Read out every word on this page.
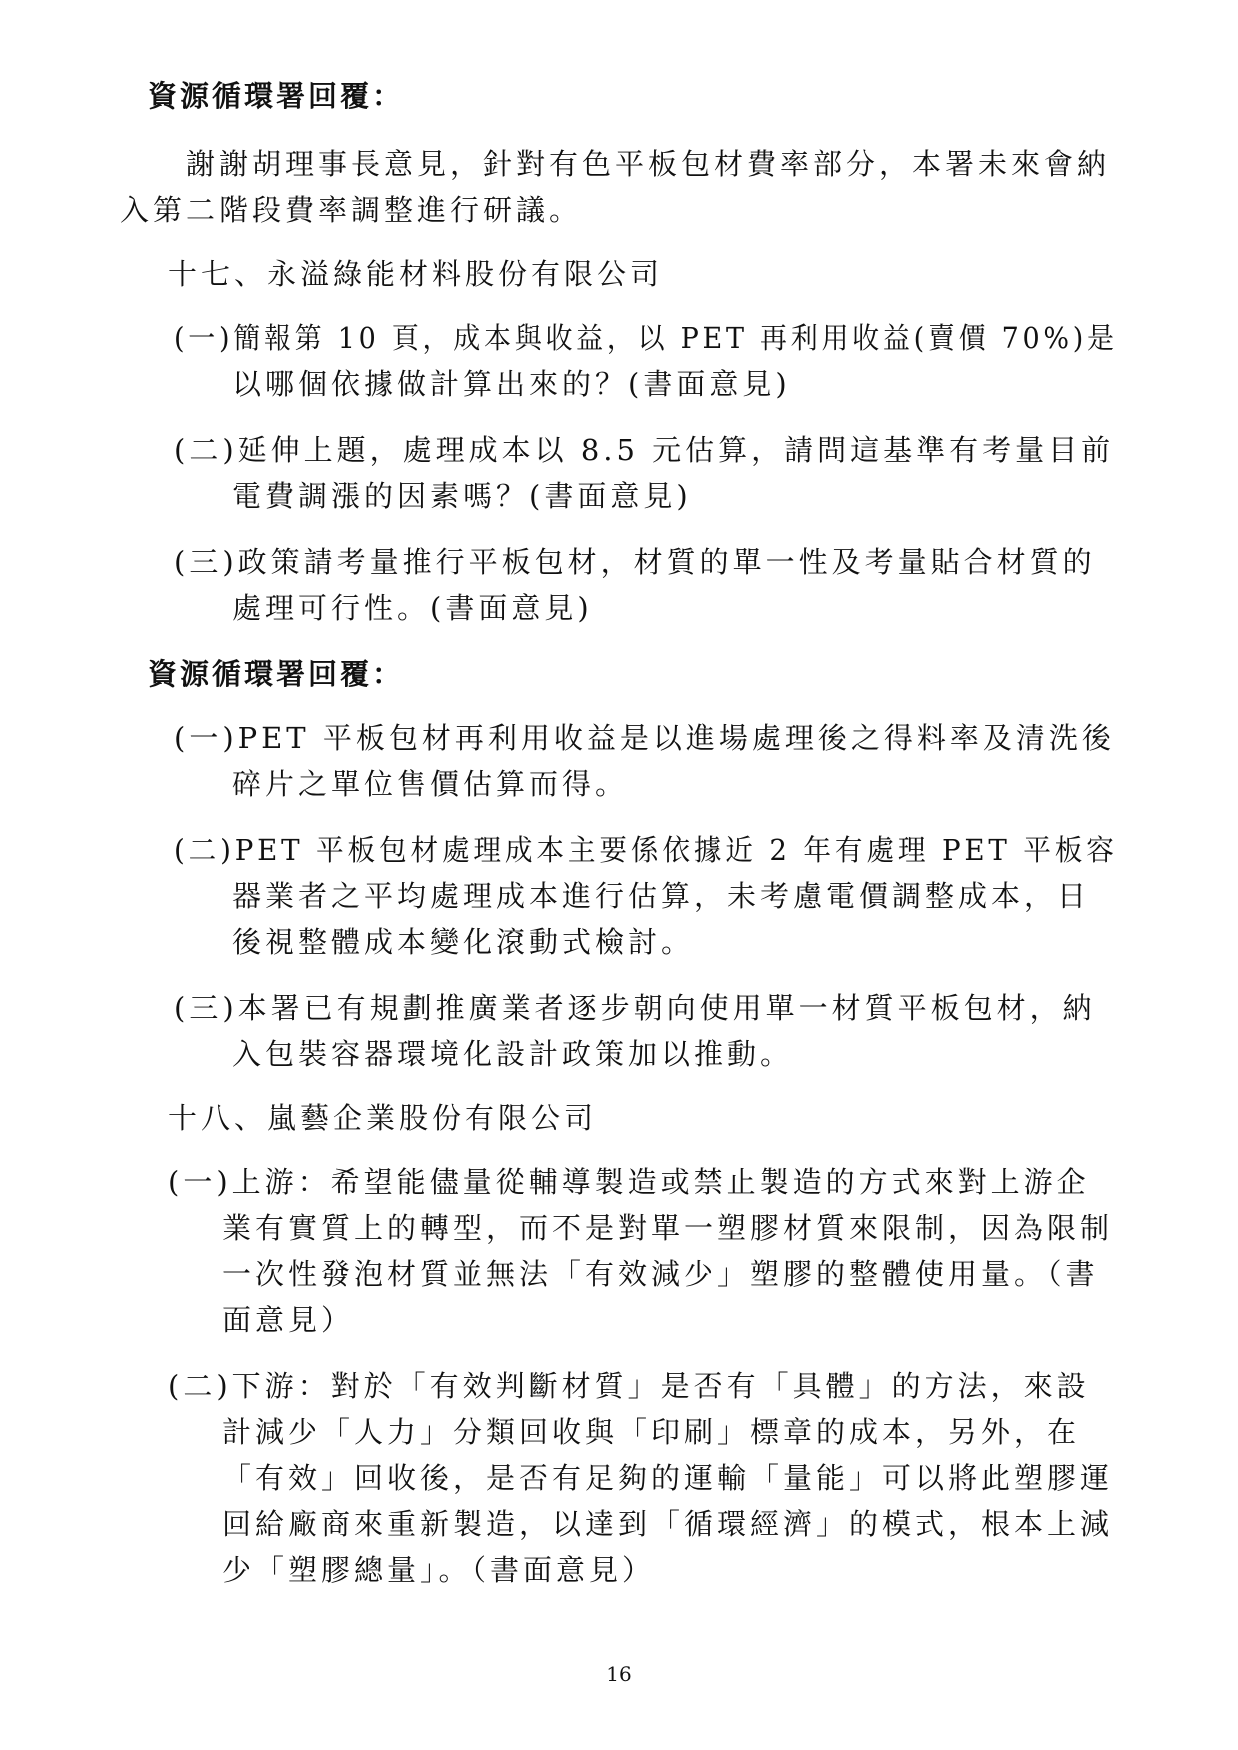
資源循環署回覆：
謝謝胡理事長意見，針對有色平板包材費率部分，本署未來會納
入第二階段費率調整進行研議。
十七、永溢綠能材料股份有限公司
(一)簡報第 10 頁，成本與收益，以 PET 再利用收益(賣價 70%)是
以哪個依據做計算出來的？(書面意見)
(二)延伸上題，處理成本以 8.5 元估算，請問這基準有考量目前
電費調漲的因素嗎？(書面意見)
(三)政策請考量推行平板包材，材質的單一性及考量貼合材質的
處理可行性。(書面意見)
資源循環署回覆：
(一)PET 平板包材再利用收益是以進場處理後之得料率及清洗後
碎片之單位售價估算而得。
(二)PET 平板包材處理成本主要係依據近 2 年有處理 PET 平板容
器業者之平均處理成本進行估算，未考慮電價調整成本，日
後視整體成本變化滾動式檢討。
(三)本署已有規劃推廣業者逐步朝向使用單一材質平板包材，納
入包裝容器環境化設計政策加以推動。
十八、嵐藝企業股份有限公司
(一)上游：希望能儘量從輔導製造或禁止製造的方式來對上游企
業有實質上的轉型，而不是對單一塑膠材質來限制，因為限制
一次性發泡材質並無法「有效減少」塑膠的整體使用量。（書
面意見）
(二)下游：對於「有效判斷材質」是否有「具體」的方法，來設
計減少「人力」分類回收與「印刷」標章的成本，另外，在
「有效」回收後，是否有足夠的運輸「量能」可以將此塑膠運
回給廠商來重新製造，以達到「循環經濟」的模式，根本上減
少「塑膠總量」。（書面意見）
16
